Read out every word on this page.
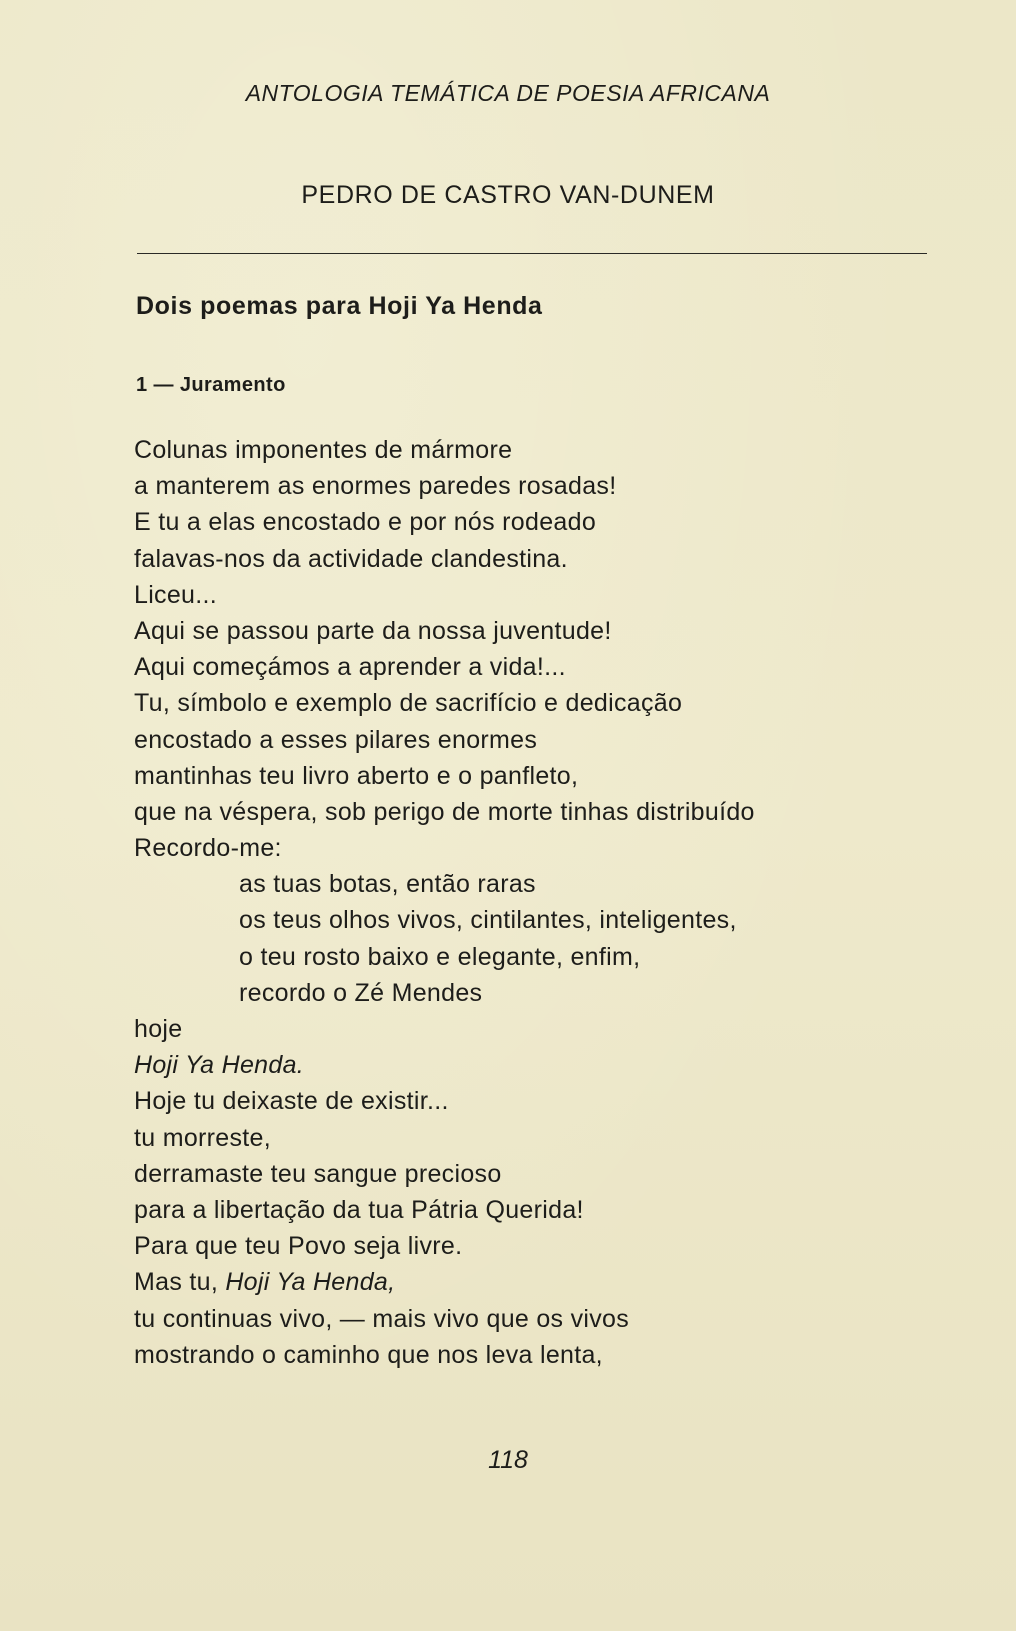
ANTOLOGIA TEMÁTICA DE POESIA AFRICANA
PEDRO DE CASTRO VAN-DUNEM
Dois poemas para Hoji Ya Henda
1 — Juramento
Colunas imponentes de mármore
a manterem as enormes paredes rosadas!
E tu a elas encostado e por nós rodeado
falavas-nos da actividade clandestina.
Liceu...
Aqui se passou parte da nossa juventude!
Aqui começámos a aprender a vida!...
Tu, símbolo e exemplo de sacrifício e dedicação
encostado a esses pilares enormes
mantinhas teu livro aberto e o panfleto,
que na véspera, sob perigo de morte tinhas distribuído
Recordo-me:
as tuas botas, então raras
os teus olhos vivos, cintilantes, inteligentes,
o teu rosto baixo e elegante, enfim,
recordo o Zé Mendes
hoje
Hoji Ya Henda.
Hoje tu deixaste de existir...
tu morreste,
derramaste teu sangue precioso
para a libertação da tua Pátria Querida!
Para que teu Povo seja livre.
Mas tu, Hoji Ya Henda,
tu continuas vivo, — mais vivo que os vivos
mostrando o caminho que nos leva lenta,
118
